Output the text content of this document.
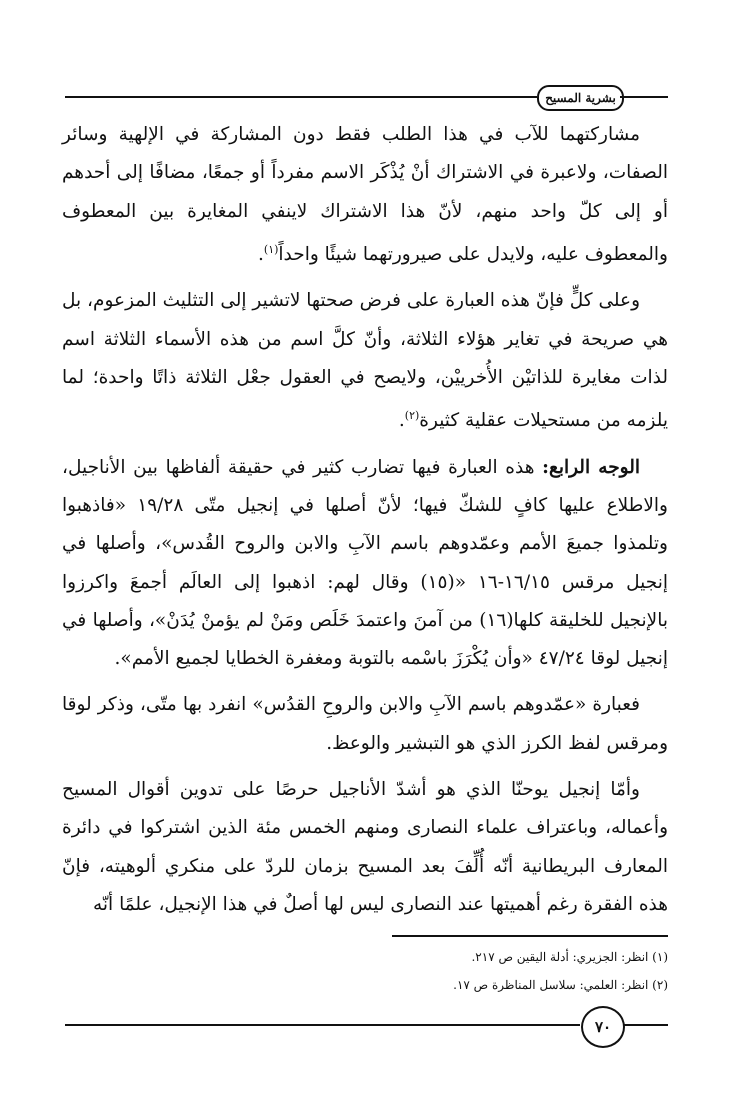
بشرية المسيح

مشاركتهما للآب في هذا الطلب فقط دون المشاركة في الإلهية وسائر الصفات، ولاعبرة في الاشتراك أنْ يُذْكَر الاسم مفرداً أو جمعًا، مضافًا إلى أحدهم أو إلى كلّ واحد منهم، لأنّ هذا الاشتراك لاينفي المغايرة بين المعطوف والمعطوف عليه، ولايدل على صيرورتهما شيئًا واحداً$^{(١)}$.

وعلى كلٍّ فإنّ هذه العبارة على فرض صحتها لاتشير إلى التثليث المزعوم، بل هي صريحة في تغاير هؤلاء الثلاثة، وأنّ كلَّ اسم من هذه الأسماء الثلاثة اسم لذات مغايرة للذاتيْن الأُخرييْن، ولايصح في العقول جعْل الثلاثة ذاتًا واحدة؛ لما يلزمه من مستحيلات عقلية كثيرة$^{(٢)}$.

الوجه الرابع: هذه العبارة فيها تضارب كثير في حقيقة ألفاظها بين الأناجيل، والاطلاع عليها كافٍ للشكّ فيها؛ لأنّ أصلها في إنجيل متّى ١٩/٢٨ «فاذهبوا وتلمذوا جميعَ الأمم وعمّدوهم باسم الآبِ والابن والروح القُدس»، وأصلها في إنجيل مرقس ١٦/١٥-١٦ «(١٥) وقال لهم: اذهبوا إلى العالَم أجمعَ واكرزوا بالإنجيل للخليقة كلها(١٦) من آمنَ واعتمدَ خَلَص ومَنْ لم يؤمنْ يُدَنْ»، وأصلها في إنجيل لوقا ٤٧/٢٤ «وأن يُكْرَزَ باسْمه بالتوبة ومغفرة الخطايا لجميع الأمم».

فعبارة «عمّدوهم باسم الآبِ والابن والروحِ القدُس» انفرد بها متّى، وذكر لوقا ومرقس لفظ الكرز الذي هو التبشير والوعظ.

وأمّا إنجيل يوحنّا الذي هو أشدّ الأناجيل حرصًا على تدوين أقوال المسيح وأعماله، وباعتراف علماء النصارى ومنهم الخمس مئة الذين اشتركوا في دائرة المعارف البريطانية أنّه أُلِّفَ بعد المسيح بزمان للردّ على منكري ألوهيته، فإنّ هذه الفقرة رغم أهميتها عند النصارى ليس لها أصلٌ في هذا الإنجيل، علمًا أنّه

(١) انظر: الجزيري: أدلة اليقين ص ٢١٧.
(٢) انظر: العلمي: سلاسل المناظرة ص ١٧.
٧٠
